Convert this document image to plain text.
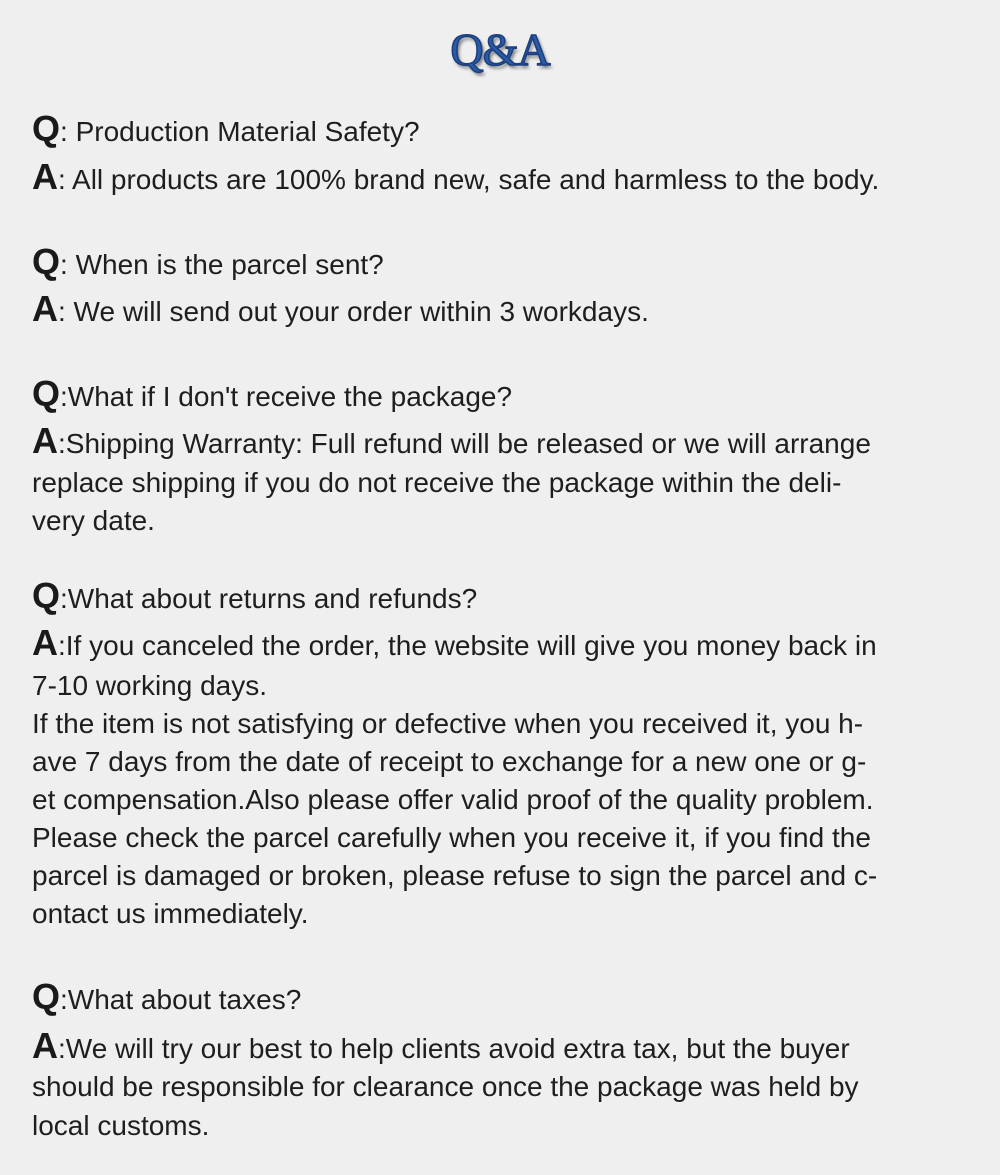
Q&A
Q: Production Material Safety?
A: All products are 100% brand new, safe and harmless to the body.
Q: When is the parcel sent?
A: We will send out your order within 3 workdays.
Q:What if I don't receive the package?
A:Shipping Warranty: Full refund will be released or we will arrange
replace shipping if you do not receive the package within the deli-
very date.
Q:What about returns and refunds?
A:If you canceled the order, the website will give you money back in
7-10 working days.
If the item is not satisfying or defective when you received it, you h-
ave 7 days from the date of receipt to exchange for a new one or g-
et compensation.Also please offer valid proof of the quality problem.
Please check the parcel carefully when you receive it, if you find the
parcel is damaged or broken, please refuse to sign the parcel and c-
ontact us immediately.
Q:What about taxes?
A:We will try our best to help clients avoid extra tax, but the buyer
should be responsible for clearance once the package was held by
local customs.
